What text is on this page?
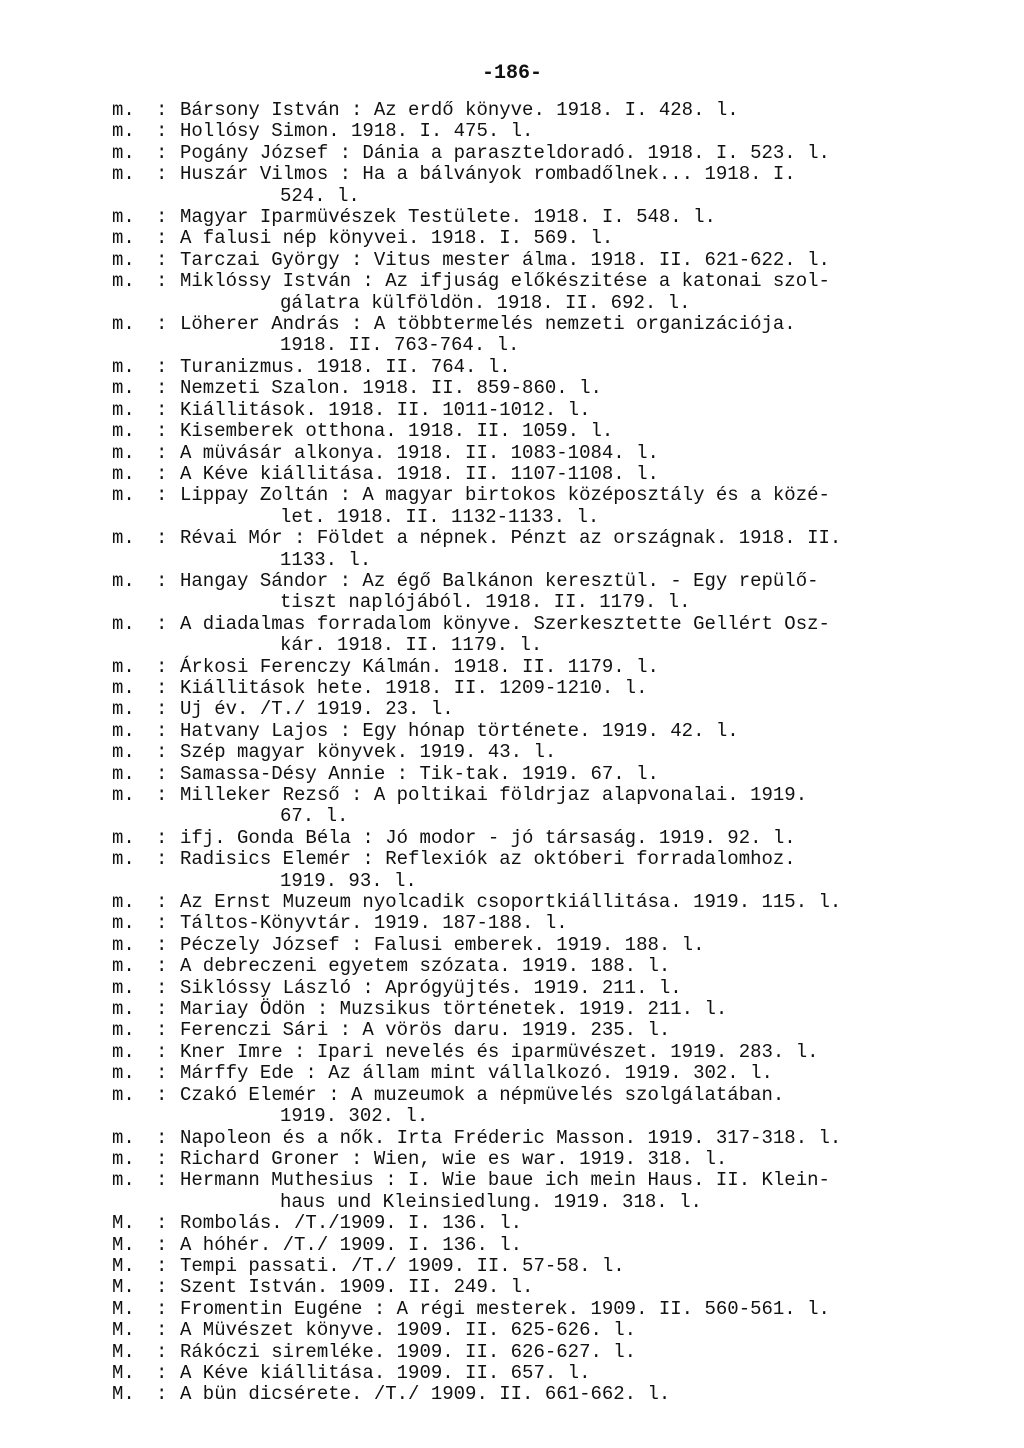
-186-
m.	: Bársony István : Az erdő könyve. 1918. I. 428. l.
m.	: Hollósy Simon. 1918. I. 475. l.
m.	: Pogány József : Dánia a paraszteldoradó. 1918. I. 523. l.
m.	: Huszár Vilmos : Ha a bálványok rombadőlnek... 1918. I.
524. l.
m.	: Magyar Iparmüvészek Testülete. 1918. I. 548. l.
m.	: A falusi nép könyvei. 1918. I. 569. l.
m.	: Tarczai György : Vitus mester álma. 1918. II. 621-622. l.
m.	: Miklóssy István : Az ifjuság előkészitése a katonai szol-
gálatra külföldön. 1918. II. 692. l.
m.	: Löherer András : A többtermelés nemzeti organizációja.
1918. II. 763-764. l.
m.	: Turanizmus. 1918. II. 764. l.
m.	: Nemzeti Szalon. 1918. II. 859-860. l.
m.	: Kiállitások. 1918. II. 1011-1012. l.
m.	: Kisemberek otthona. 1918. II. 1059. l.
m.	: A müvásár alkonya. 1918. II. 1083-1084. l.
m.	: A Kéve kiállitása. 1918. II. 1107-1108. l.
m.	: Lippay Zoltán : A magyar birtokos középosztály és a közé-
let. 1918. II. 1132-1133. l.
m.	: Révai Mór : Földet a népnek. Pénzt az országnak. 1918. II.
1133. l.
m.	: Hangay Sándor : Az égő Balkánon keresztül. - Egy repülő-
tiszt naplójából. 1918. II. 1179. l.
m.	: A diadalmas forradalom könyve. Szerkesztette Gellért Osz-
kár. 1918. II. 1179. l.
m.	: Árkosi Ferenczy Kálmán. 1918. II. 1179. l.
m.	: Kiállitások hete. 1918. II. 1209-1210. l.
m.	: Uj év. /T./ 1919. 23. l.
m.	: Hatvany Lajos : Egy hónap története. 1919. 42. l.
m.	: Szép magyar könyvek. 1919. 43. l.
m.	: Samassa-Désy Annie : Tik-tak. 1919. 67. l.
m.	: Milleker Rezső : A poltikai földrjaz alapvonalai. 1919.
67. l.
m.	: ifj. Gonda Béla : Jó modor - jó társaság. 1919. 92. l.
m.	: Radisics Elemér : Reflexiók az októberi forradalomhoz.
1919. 93. l.
m.	: Az Ernst Muzeum nyolcadik csoportkiállitása. 1919. 115. l.
m.	: Táltos-Könyvtár. 1919. 187-188. l.
m.	: Péczely József : Falusi emberek. 1919. 188. l.
m.	: A debreczeni egyetem szózata. 1919. 188. l.
m.	: Siklóssy László : Aprógyüjtés. 1919. 211. l.
m.	: Mariay Ödön : Muzsikus történetek. 1919. 211. l.
m.	: Ferenczi Sári : A vörös daru. 1919. 235. l.
m.	: Kner Imre : Ipari nevelés és iparmüvészet. 1919. 283. l.
m.	: Márffy Ede : Az állam mint vállalkozó. 1919. 302. l.
m.	: Czakó Elemér : A muzeumok a népmüvelés szolgálatában.
1919. 302. l.
m.	: Napoleon és a nők. Irta Fréderic Masson. 1919. 317-318. l.
m.	: Richard Groner : Wien, wie es war. 1919. 318. l.
m.	: Hermann Muthesius : I. Wie baue ich mein Haus. II. Klein-
haus und Kleinsiedlung. 1919. 318. l.
M.	: Rombolás. /T./1909. I. 136. l.
M.	: A hóhér. /T./ 1909. I. 136. l.
M.	: Tempi passati. /T./ 1909. II. 57-58. l.
M.	: Szent István. 1909. II. 249. l.
M.	: Fromentin Eugéne : A régi mesterek. 1909. II. 560-561. l.
M.	: A Müvészet könyve. 1909. II. 625-626. l.
M.	: Rákóczi siremléke. 1909. II. 626-627. l.
M.	: A Kéve kiállitása. 1909. II. 657. l.
M.	: A bün dicsérete. /T./ 1909. II. 661-662. l.
